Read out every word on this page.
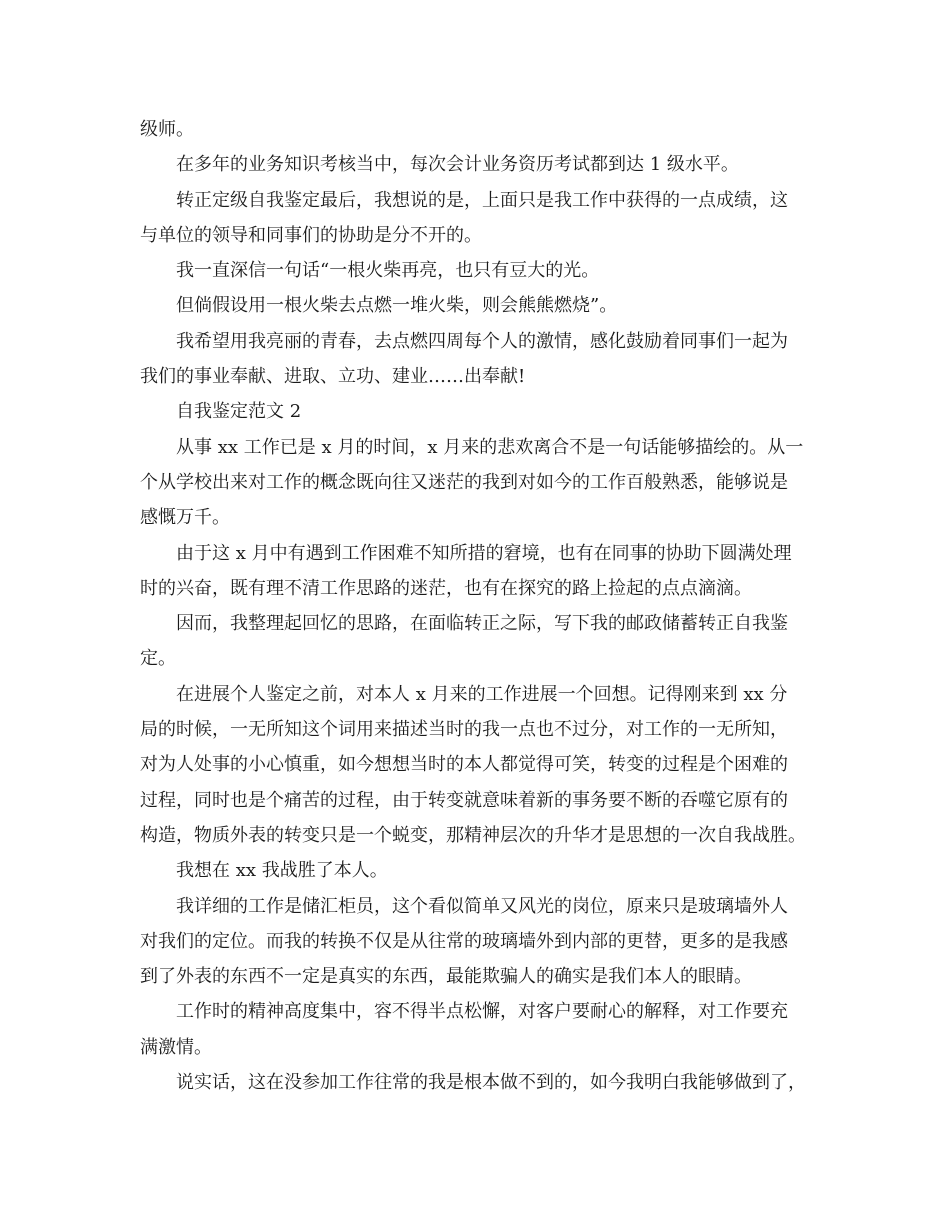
级师。
在多年的业务知识考核当中，每次会计业务资历考试都到达 1 级水平。
转正定级自我鉴定最后，我想说的是，上面只是我工作中获得的一点成绩，这
与单位的领导和同事们的协助是分不开的。
我一直深信一句话“一根火柴再亮，也只有豆大的光。
但倘假设用一根火柴去点燃一堆火柴，则会熊熊燃烧”。
我希望用我亮丽的青春，去点燃四周每个人的激情，感化鼓励着同事们一起为
我们的事业奉献、进取、立功、建业……出奉献!
自我鉴定范文 2
从事 xx 工作已是 x 月的时间，x 月来的悲欢离合不是一句话能够描绘的。从一
个从学校出来对工作的概念既向往又迷茫的我到对如今的工作百般熟悉，能够说是
感慨万千。
由于这 x 月中有遇到工作困难不知所措的窘境，也有在同事的协助下圆满处理
时的兴奋，既有理不清工作思路的迷茫，也有在探究的路上捡起的点点滴滴。
因而，我整理起回忆的思路，在面临转正之际，写下我的邮政储蓄转正自我鉴
定。
在进展个人鉴定之前，对本人 x 月来的工作进展一个回想。记得刚来到 xx 分
局的时候，一无所知这个词用来描述当时的我一点也不过分，对工作的一无所知，
对为人处事的小心慎重，如今想想当时的本人都觉得可笑，转变的过程是个困难的
过程，同时也是个痛苦的过程，由于转变就意味着新的事务要不断的吞噬它原有的
构造，物质外表的转变只是一个蜕变，那精神层次的升华才是思想的一次自我战胜。
我想在 xx 我战胜了本人。
我详细的工作是储汇柜员，这个看似简单又风光的岗位，原来只是玻璃墙外人
对我们的定位。而我的转换不仅是从往常的玻璃墙外到内部的更替，更多的是我感
到了外表的东西不一定是真实的东西，最能欺骗人的确实是我们本人的眼睛。
工作时的精神高度集中，容不得半点松懈，对客户要耐心的解释，对工作要充
满激情。
说实话，这在没参加工作往常的我是根本做不到的，如今我明白我能够做到了，
